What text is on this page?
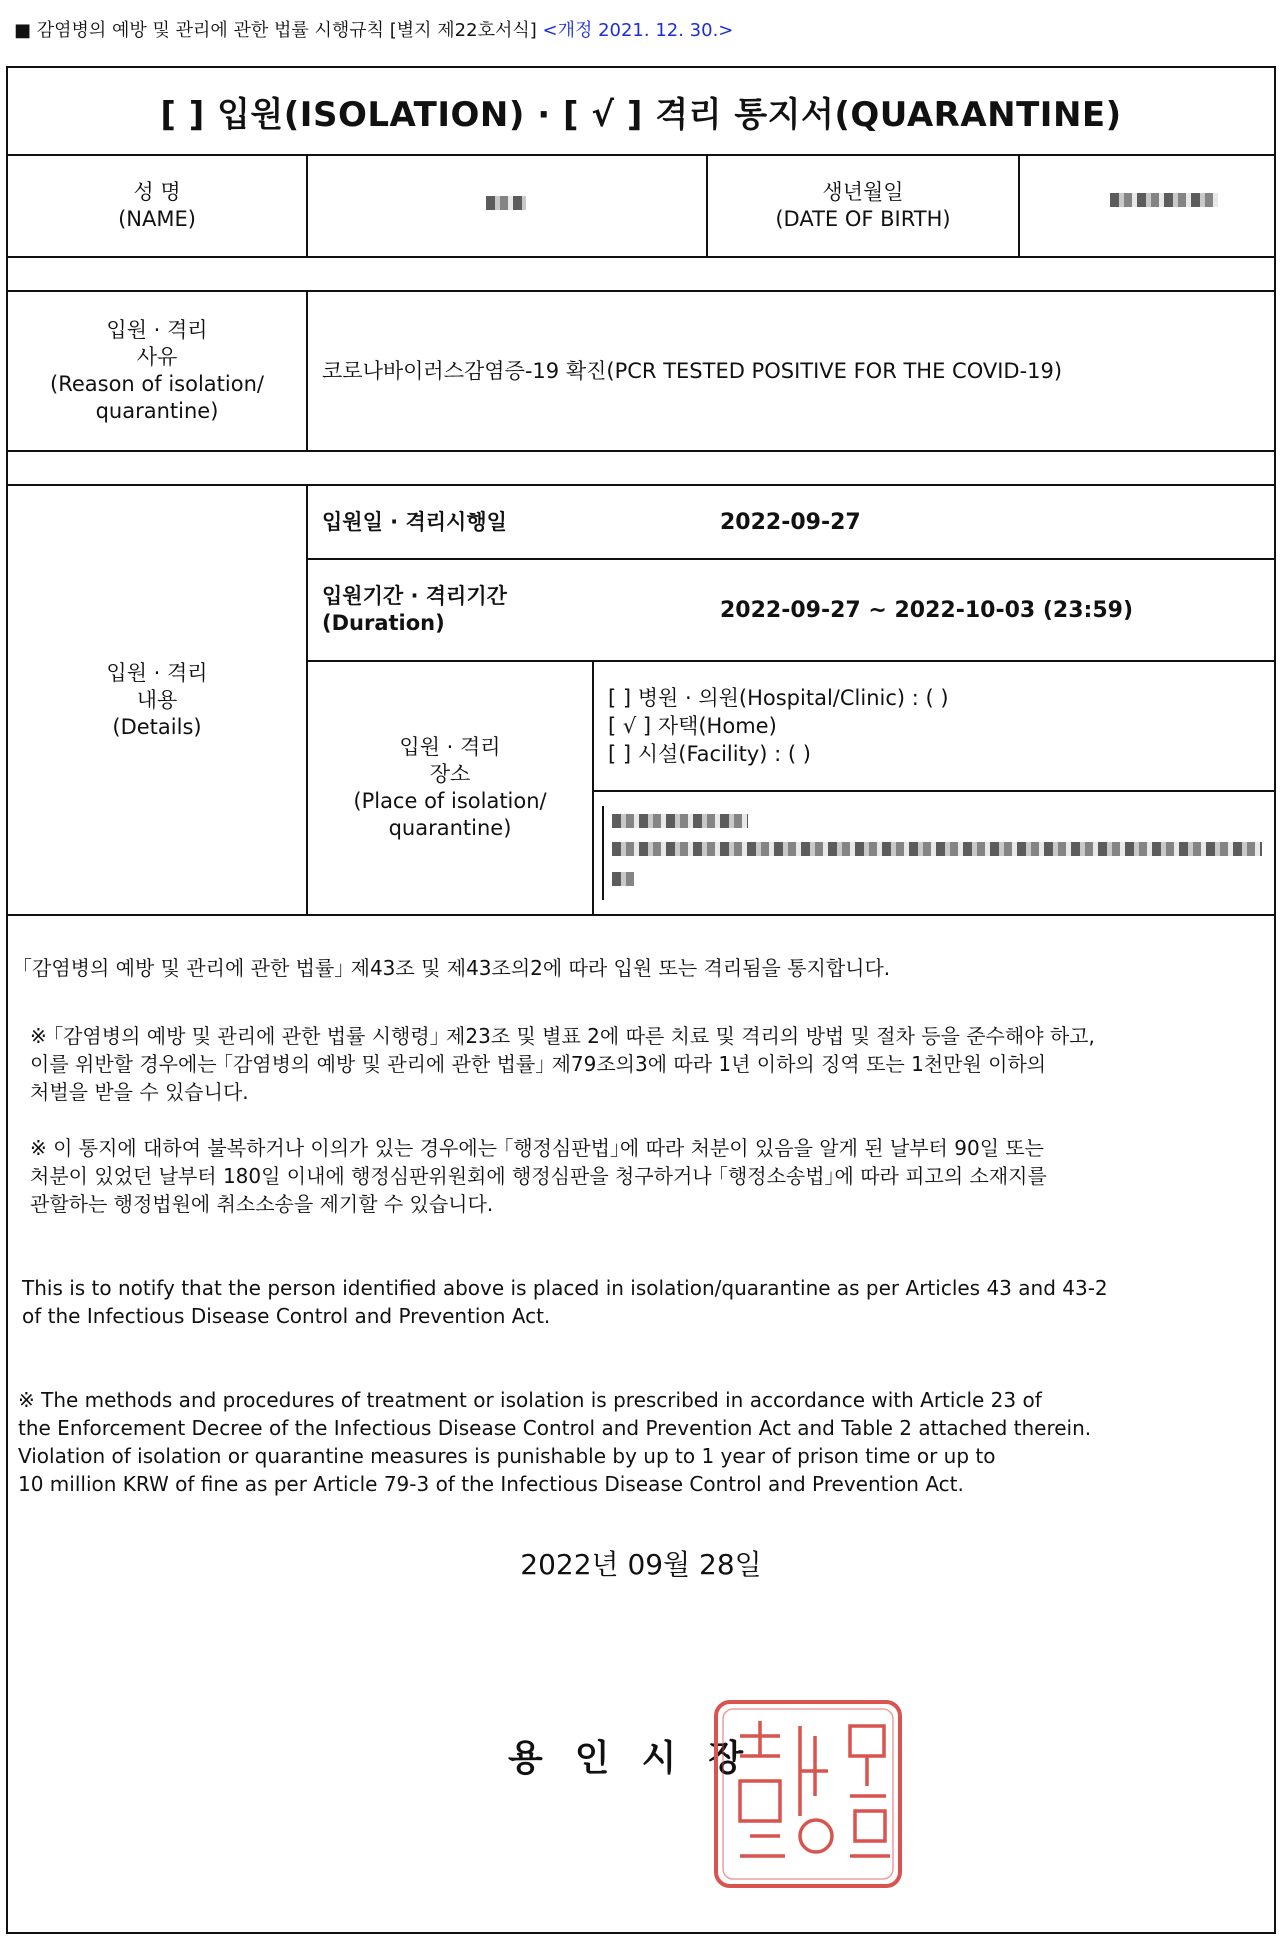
■ 감염병의 예방 및 관리에 관한 법률 시행규칙 [별지 제22호서식] <개정 2021. 12. 30.>
[ ] 입원(ISOLATION) · [ √ ] 격리 통지서(QUARANTINE)
성 명
(NAME)
생년월일
(DATE OF BIRTH)
입원 · 격리
사유
(Reason of isolation/
quarantine)
코로나바이러스감염증-19 확진(PCR TESTED POSITIVE FOR THE COVID-19)
입원 · 격리
내용
(Details)
입원일 · 격리시행일	2022-09-27
입원기간 · 격리기간
(Duration)
2022-09-27 ~ 2022-10-03 (23:59)
입원 · 격리
장소
(Place of isolation/
quarantine)
[ ] 병원 · 의원(Hospital/Clinic) : ( )
[ √ ] 자택(Home)
[ ] 시설(Facility) : ( )
｢감염병의 예방 및 관리에 관한 법률｣ 제43조 및 제43조의2에 따라 입원 또는 격리됨을 통지합니다.
※ ｢감염병의 예방 및 관리에 관한 법률 시행령｣ 제23조 및 별표 2에 따른 치료 및 격리의 방법 및 절차 등을 준수해야 하고,
이를 위반할 경우에는 ｢감염병의 예방 및 관리에 관한 법률｣ 제79조의3에 따라 1년 이하의 징역 또는 1천만원 이하의
처벌을 받을 수 있습니다.
※ 이 통지에 대하여 불복하거나 이의가 있는 경우에는 ｢행정심판법｣에 따라 처분이 있음을 알게 된 날부터 90일 또는
처분이 있었던 날부터 180일 이내에 행정심판위원회에 행정심판을 청구하거나 ｢행정소송법｣에 따라 피고의 소재지를
관할하는 행정법원에 취소소송을 제기할 수 있습니다.
This is to notify that the person identified above is placed in isolation/quarantine as per Articles 43 and 43-2
of the Infectious Disease Control and Prevention Act.
※ The methods and procedures of treatment or isolation is prescribed in accordance with Article 23 of
the Enforcement Decree of the Infectious Disease Control and Prevention Act and Table 2 attached therein.
Violation of isolation or quarantine measures is punishable by up to 1 year of prison time or up to
10 million KRW of fine as per Article 79-3 of the Infectious Disease Control and Prevention Act.
2022년 09월 28일
용인시장
